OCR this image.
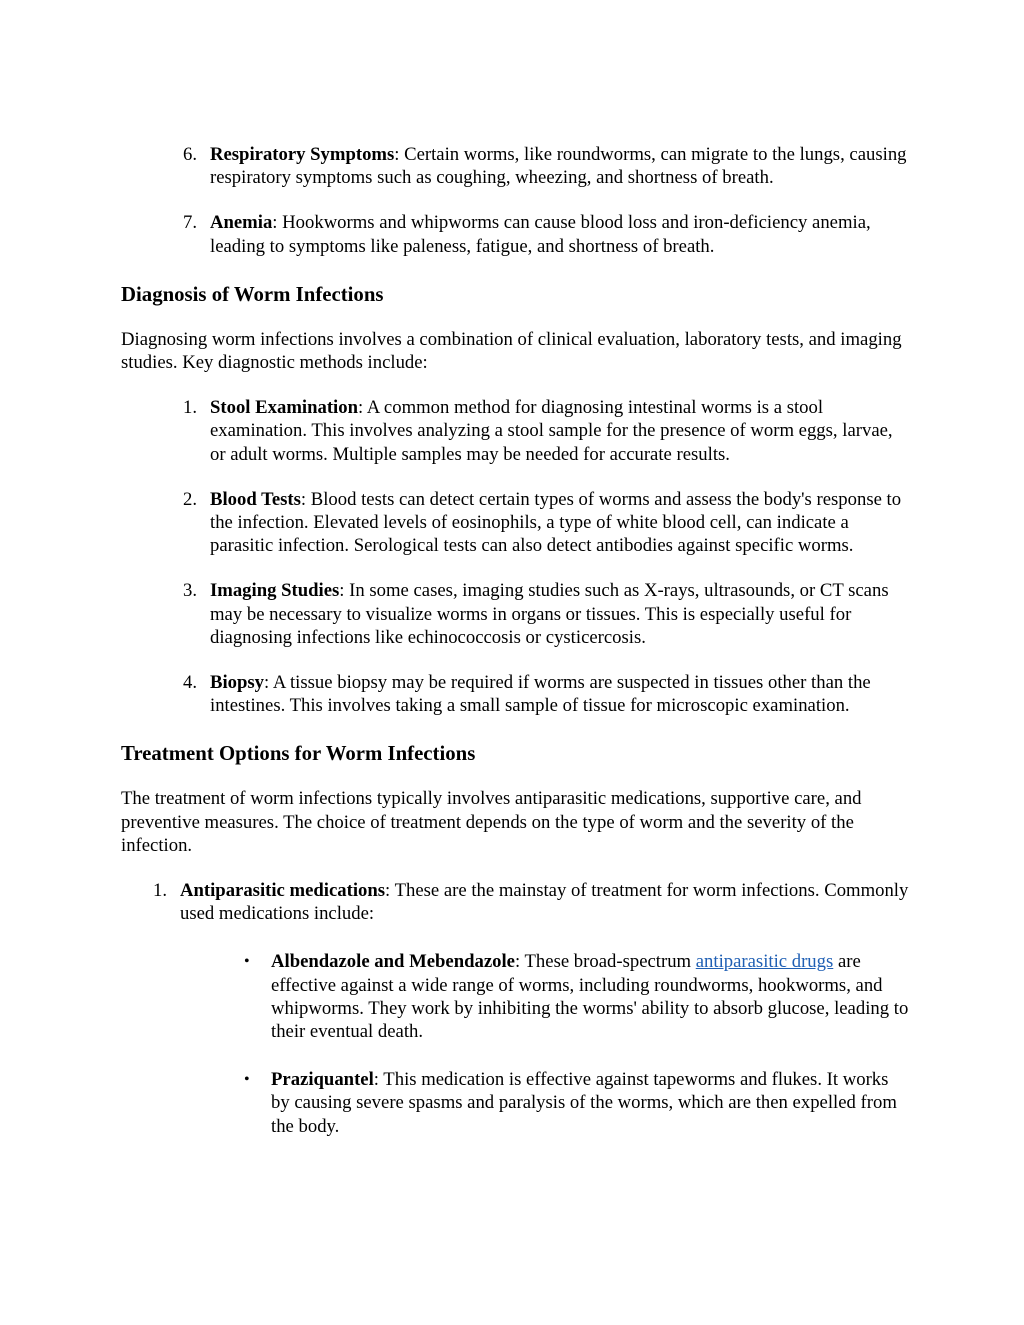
6. Respiratory Symptoms: Certain worms, like roundworms, can migrate to the lungs, causing respiratory symptoms such as coughing, wheezing, and shortness of breath.
7. Anemia: Hookworms and whipworms can cause blood loss and iron-deficiency anemia, leading to symptoms like paleness, fatigue, and shortness of breath.
Diagnosis of Worm Infections

Diagnosing worm infections involves a combination of clinical evaluation, laboratory tests, and imaging studies. Key diagnostic methods include:

1. Stool Examination: A common method for diagnosing intestinal worms is a stool examination. This involves analyzing a stool sample for the presence of worm eggs, larvae, or adult worms. Multiple samples may be needed for accurate results.
2. Blood Tests: Blood tests can detect certain types of worms and assess the body's response to the infection. Elevated levels of eosinophils, a type of white blood cell, can indicate a parasitic infection. Serological tests can also detect antibodies against specific worms.
3. Imaging Studies: In some cases, imaging studies such as X-rays, ultrasounds, or CT scans may be necessary to visualize worms in organs or tissues. This is especially useful for diagnosing infections like echinococcosis or cysticercosis.
4. Biopsy: A tissue biopsy may be required if worms are suspected in tissues other than the intestines. This involves taking a small sample of tissue for microscopic examination.
Treatment Options for Worm Infections

The treatment of worm infections typically involves antiparasitic medications, supportive care, and preventive measures. The choice of treatment depends on the type of worm and the severity of the infection.

1. Antiparasitic medications: These are the mainstay of treatment for worm infections. Commonly used medications include:
• Albendazole and Mebendazole: These broad-spectrum antiparasitic drugs are effective against a wide range of worms, including roundworms, hookworms, and whipworms. They work by inhibiting the worms' ability to absorb glucose, leading to their eventual death.
• Praziquantel: This medication is effective against tapeworms and flukes. It works by causing severe spasms and paralysis of the worms, which are then expelled from the body.
